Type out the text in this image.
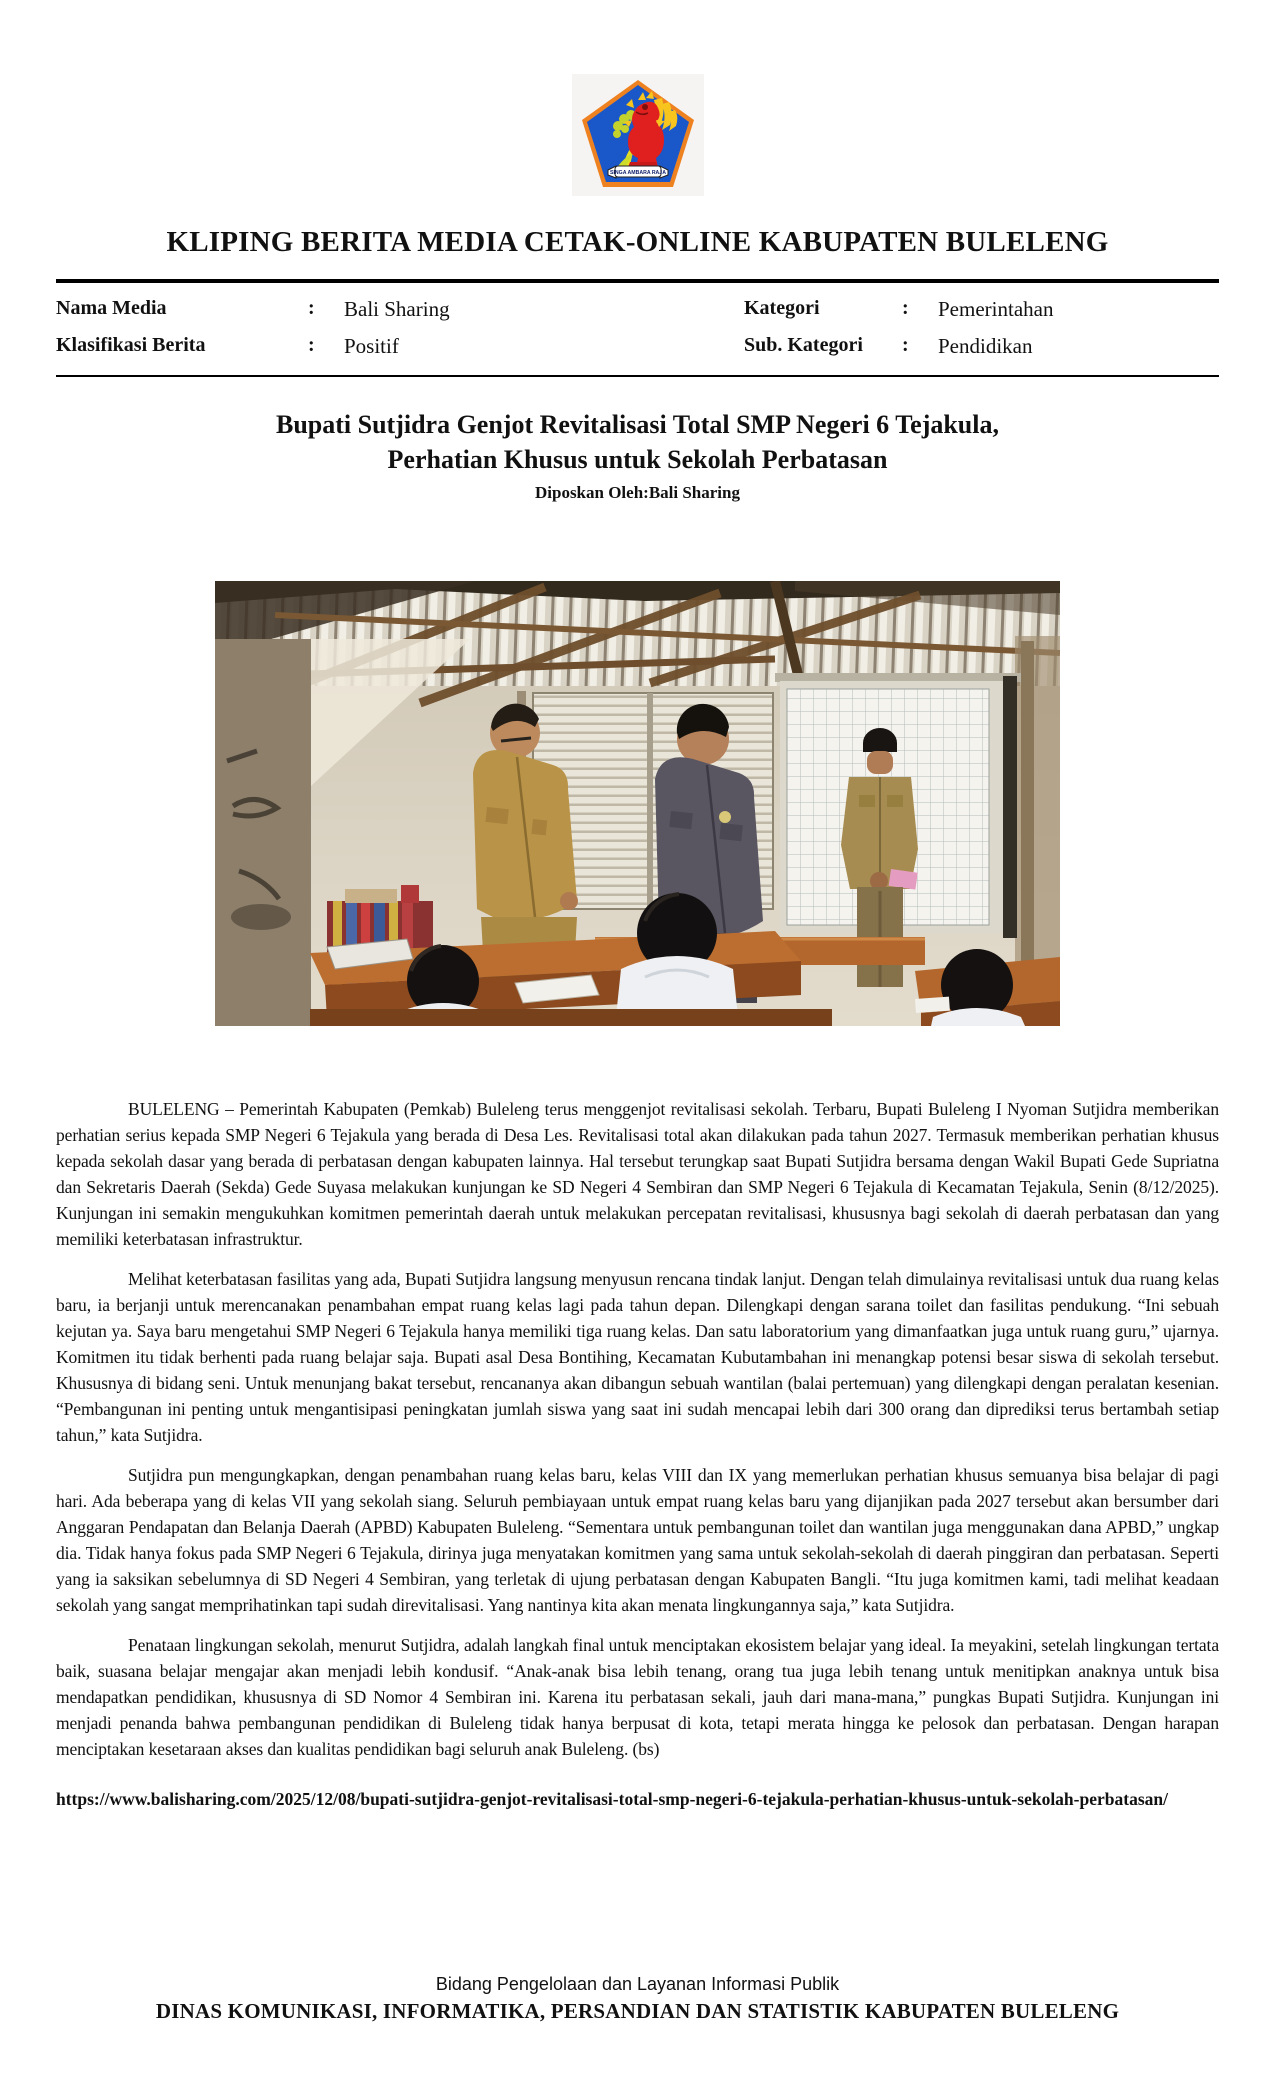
SINGA AMBARA RAJA
KLIPING BERITA MEDIA CETAK-ONLINE KABUPATEN BULELENG
Nama Media	:	Bali Sharing	Kategori	:	Pemerintahan
Klasifikasi Berita	:	Positif	Sub. Kategori	:	Pendidikan
Bupati Sutjidra Genjot Revitalisasi Total SMP Negeri 6 Tejakula,
Perhatian Khusus untuk Sekolah Perbatasan
Diposkan Oleh:Bali Sharing

BULELENG – Pemerintah Kabupaten (Pemkab) Buleleng terus menggenjot revitalisasi sekolah. Terbaru, Bupati Buleleng I Nyoman Sutjidra memberikan perhatian serius kepada SMP Negeri 6 Tejakula yang berada di Desa Les. Revitalisasi total akan dilakukan pada tahun 2027. Termasuk memberikan perhatian khusus kepada sekolah dasar yang berada di perbatasan dengan kabupaten lainnya. Hal tersebut terungkap saat Bupati Sutjidra bersama dengan Wakil Bupati Gede Supriatna dan Sekretaris Daerah (Sekda) Gede Suyasa melakukan kunjungan ke SD Negeri 4 Sembiran dan SMP Negeri 6 Tejakula di Kecamatan Tejakula, Senin (8/12/2025). Kunjungan ini semakin mengukuhkan komitmen pemerintah daerah untuk melakukan percepatan revitalisasi, khususnya bagi sekolah di daerah perbatasan dan yang memiliki keterbatasan infrastruktur.

Melihat keterbatasan fasilitas yang ada, Bupati Sutjidra langsung menyusun rencana tindak lanjut. Dengan telah dimulainya revitalisasi untuk dua ruang kelas baru, ia berjanji untuk merencanakan penambahan empat ruang kelas lagi pada tahun depan. Dilengkapi dengan sarana toilet dan fasilitas pendukung. “Ini sebuah kejutan ya. Saya baru mengetahui SMP Negeri 6 Tejakula hanya memiliki tiga ruang kelas. Dan satu laboratorium yang dimanfaatkan juga untuk ruang guru,” ujarnya. Komitmen itu tidak berhenti pada ruang belajar saja. Bupati asal Desa Bontihing, Kecamatan Kubutambahan ini menangkap potensi besar siswa di sekolah tersebut. Khususnya di bidang seni. Untuk menunjang bakat tersebut, rencananya akan dibangun sebuah wantilan (balai pertemuan) yang dilengkapi dengan peralatan kesenian. “Pembangunan ini penting untuk mengantisipasi peningkatan jumlah siswa yang saat ini sudah mencapai lebih dari 300 orang dan diprediksi terus bertambah setiap tahun,” kata Sutjidra.

Sutjidra pun mengungkapkan, dengan penambahan ruang kelas baru, kelas VIII dan IX yang memerlukan perhatian khusus semuanya bisa belajar di pagi hari. Ada beberapa yang di kelas VII yang sekolah siang. Seluruh pembiayaan untuk empat ruang kelas baru yang dijanjikan pada 2027 tersebut akan bersumber dari Anggaran Pendapatan dan Belanja Daerah (APBD) Kabupaten Buleleng. “Sementara untuk pembangunan toilet dan wantilan juga menggunakan dana APBD,” ungkap dia. Tidak hanya fokus pada SMP Negeri 6 Tejakula, dirinya juga menyatakan komitmen yang sama untuk sekolah-sekolah di daerah pinggiran dan perbatasan. Seperti yang ia saksikan sebelumnya di SD Negeri 4 Sembiran, yang terletak di ujung perbatasan dengan Kabupaten Bangli. “Itu juga komitmen kami, tadi melihat keadaan sekolah yang sangat memprihatinkan tapi sudah direvitalisasi. Yang nantinya kita akan menata lingkungannya saja,” kata Sutjidra.

Penataan lingkungan sekolah, menurut Sutjidra, adalah langkah final untuk menciptakan ekosistem belajar yang ideal. Ia meyakini, setelah lingkungan tertata baik, suasana belajar mengajar akan menjadi lebih kondusif. “Anak-anak bisa lebih tenang, orang tua juga lebih tenang untuk menitipkan anaknya untuk bisa mendapatkan pendidikan, khususnya di SD Nomor 4 Sembiran ini. Karena itu perbatasan sekali, jauh dari mana-mana,” pungkas Bupati Sutjidra. Kunjungan ini menjadi penanda bahwa pembangunan pendidikan di Buleleng tidak hanya berpusat di kota, tetapi merata hingga ke pelosok dan perbatasan. Dengan harapan menciptakan kesetaraan akses dan kualitas pendidikan bagi seluruh anak Buleleng. (bs)

https://www.balisharing.com/2025/12/08/bupati-sutjidra-genjot-revitalisasi-total-smp-negeri-6-tejakula-perhatian-khusus-untuk-sekolah-perbatasan/
Bidang Pengelolaan dan Layanan Informasi Publik
DINAS KOMUNIKASI, INFORMATIKA, PERSANDIAN DAN STATISTIK KABUPATEN BULELENG
